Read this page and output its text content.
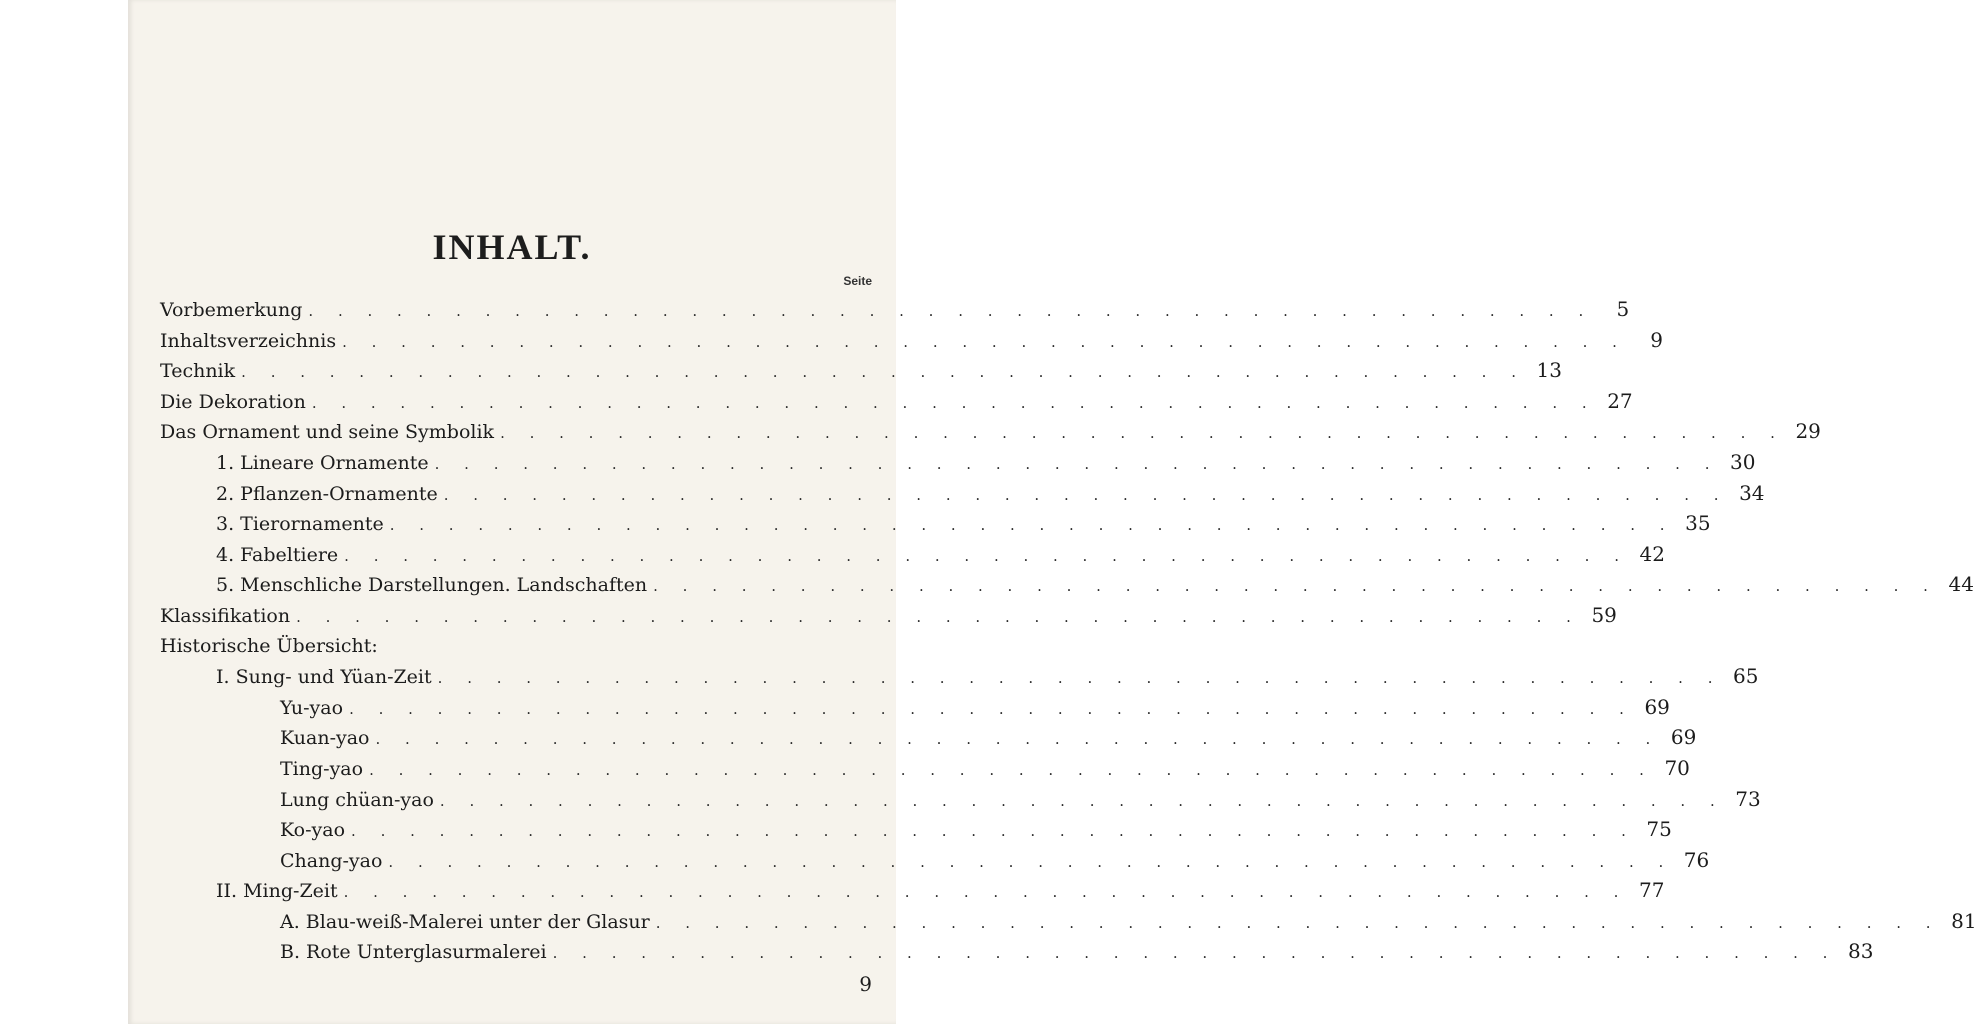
INHALT.
Seite
Vorbemerkung . . . . . . . . . . . . . . . . . . . . . . . . . . . . . . . . . . . . . . . . . . . .	5
Inhaltsverzeichnis . . . . . . . . . . . . . . . . . . . . . . . . . . . . . . . . . . . . . . . . . . . .	9
Technik . . . . . . . . . . . . . . . . . . . . . . . . . . . . . . . . . . . . . . . . . . . . 13
Die Dekoration . . . . . . . . . . . . . . . . . . . . . . . . . . . . . . . . . . . . . . . . . . . . 27
Das Ornament und seine Symbolik . . . . . . . . . . . . . . . . . . . . . . . . . . . . . . . . . . . . . . . . . . . . 29
1. Lineare Ornamente . . . . . . . . . . . . . . . . . . . . . . . . . . . . . . . . . . . . . . . . . . . . 30
2. Pflanzen-Ornamente . . . . . . . . . . . . . . . . . . . . . . . . . . . . . . . . . . . . . . . . . . . . 34
3. Tierornamente . . . . . . . . . . . . . . . . . . . . . . . . . . . . . . . . . . . . . . . . . . . . 35
4. Fabeltiere . . . . . . . . . . . . . . . . . . . . . . . . . . . . . . . . . . . . . . . . . . . . 42
5. Menschliche Darstellungen. Landschaften . . . . . . . . . . . . . . . . . . . . . . . . . . . . . . . . . . . . . . . . . . . . 44
Klassifikation . . . . . . . . . . . . . . . . . . . . . . . . . . . . . . . . . . . . . . . . . . . . 59
Historische Übersicht:
I. Sung- und Yüan-Zeit . . . . . . . . . . . . . . . . . . . . . . . . . . . . . . . . . . . . . . . . . . . . 65
Yu-yao . . . . . . . . . . . . . . . . . . . . . . . . . . . . . . . . . . . . . . . . . . . . 69
Kuan-yao . . . . . . . . . . . . . . . . . . . . . . . . . . . . . . . . . . . . . . . . . . . . 69
Ting-yao . . . . . . . . . . . . . . . . . . . . . . . . . . . . . . . . . . . . . . . . . . . . 70
Lung chüan-yao . . . . . . . . . . . . . . . . . . . . . . . . . . . . . . . . . . . . . . . . . . . . 73
Ko-yao . . . . . . . . . . . . . . . . . . . . . . . . . . . . . . . . . . . . . . . . . . . . 75
Chang-yao . . . . . . . . . . . . . . . . . . . . . . . . . . . . . . . . . . . . . . . . . . . . 76
II. Ming-Zeit . . . . . . . . . . . . . . . . . . . . . . . . . . . . . . . . . . . . . . . . . . . . 77
A. Blau-weiß-Malerei unter der Glasur . . . . . . . . . . . . . . . . . . . . . . . . . . . . . . . . . . . . . . . . . . . . 81
B. Rote Unterglasurmalerei . . . . . . . . . . . . . . . . . . . . . . . . . . . . . . . . . . . . . . . . . . . . 83
9
